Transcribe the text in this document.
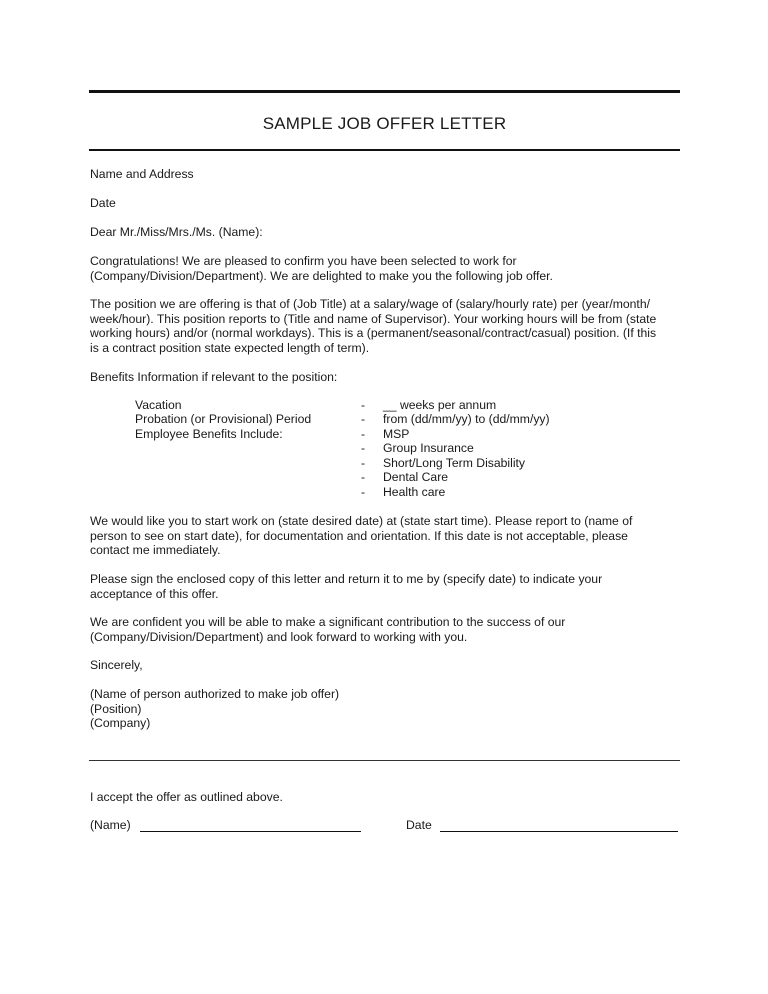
SAMPLE JOB OFFER LETTER

Name and Address

Date

Dear Mr./Miss/Mrs./Ms. (Name):

Congratulations! We are pleased to confirm you have been selected to work for
(Company/Division/Department). We are delighted to make you the following job offer.

The position we are offering is that of (Job Title) at a salary/wage of (salary/hourly rate) per (year/month/
week/hour). This position reports to (Title and name of Supervisor). Your working hours will be from (state
working hours) and/or (normal workdays). This is a (permanent/seasonal/contract/casual) position. (If this
is a contract position state expected length of term).

Benefits Information if relevant to the position:

Vacation	- __ weeks per annum
Probation (or Provisional) Period	- from (dd/mm/yy) to (dd/mm/yy)
Employee Benefits Include:	- MSP
- Group Insurance
- Short/Long Term Disability
- Dental Care
- Health care

We would like you to start work on (state desired date) at (state start time). Please report to (name of
person to see on start date), for documentation and orientation. If this date is not acceptable, please
contact me immediately.

Please sign the enclosed copy of this letter and return it to me by (specify date) to indicate your
acceptance of this offer.

We are confident you will be able to make a significant contribution to the success of our
(Company/Division/Department) and look forward to working with you.

Sincerely,

(Name of person authorized to make job offer)
(Position)
(Company)

I accept the offer as outlined above.

(Name)	Date
